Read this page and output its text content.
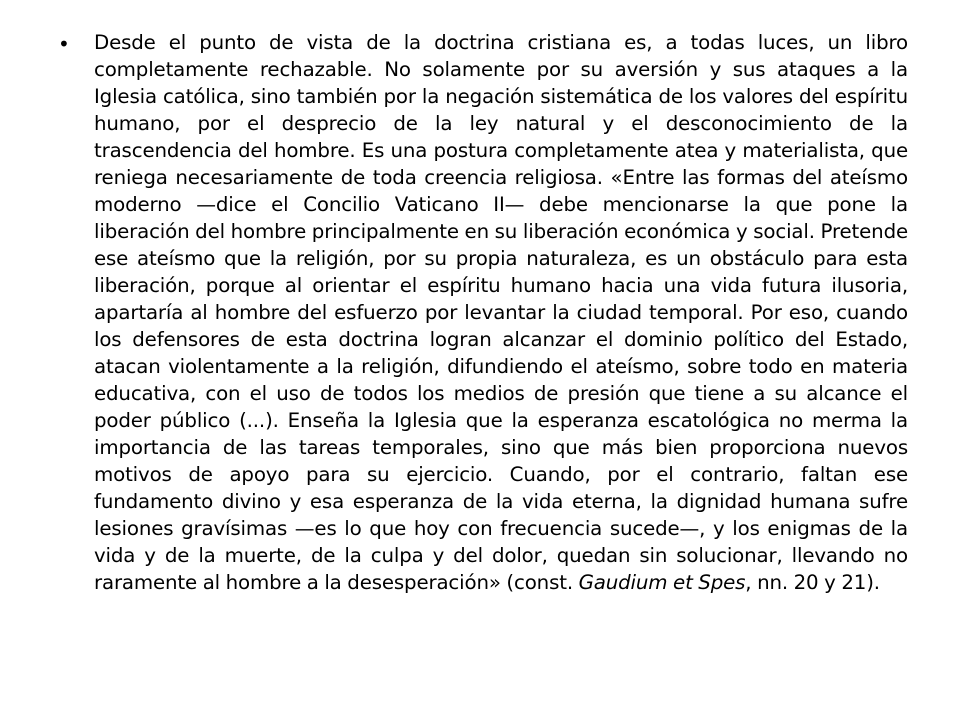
• Desde el punto de vista de la doctrina cristiana es, a todas luces, un libro completamente rechazable. No solamente por su aversión y sus ataques a la Iglesia católica, sino también por la negación sistemática de los valores del espíritu humano, por el desprecio de la ley natural y el desconocimiento de la trascendencia del hombre. Es una postura completamente atea y materialista, que reniega necesariamente de toda creencia religiosa. «Entre las formas del ateísmo moderno —dice el Concilio Vaticano II— debe mencionarse la que pone la liberación del hombre principalmente en su liberación económica y social. Pretende ese ateísmo que la religión, por su propia naturaleza, es un obstáculo para esta liberación, porque al orientar el espíritu humano hacia una vida futura ilusoria, apartaría al hombre del esfuerzo por levantar la ciudad temporal. Por eso, cuando los defensores de esta doctrina logran alcanzar el dominio político del Estado, atacan violentamente a la religión, difundiendo el ateísmo, sobre todo en materia educativa, con el uso de todos los medios de presión que tiene a su alcance el poder público (...). Enseña la Iglesia que la esperanza escatológica no merma la importancia de las tareas temporales, sino que más bien proporciona nuevos motivos de apoyo para su ejercicio. Cuando, por el contrario, faltan ese fundamento divino y esa esperanza de la vida eterna, la dignidad humana sufre lesiones gravísimas —es lo que hoy con frecuencia sucede—, y los enigmas de la vida y de la muerte, de la culpa y del dolor, quedan sin solucionar, llevando no raramente al hombre a la desesperación» (const. Gaudium et Spes, nn. 20 y 21).
